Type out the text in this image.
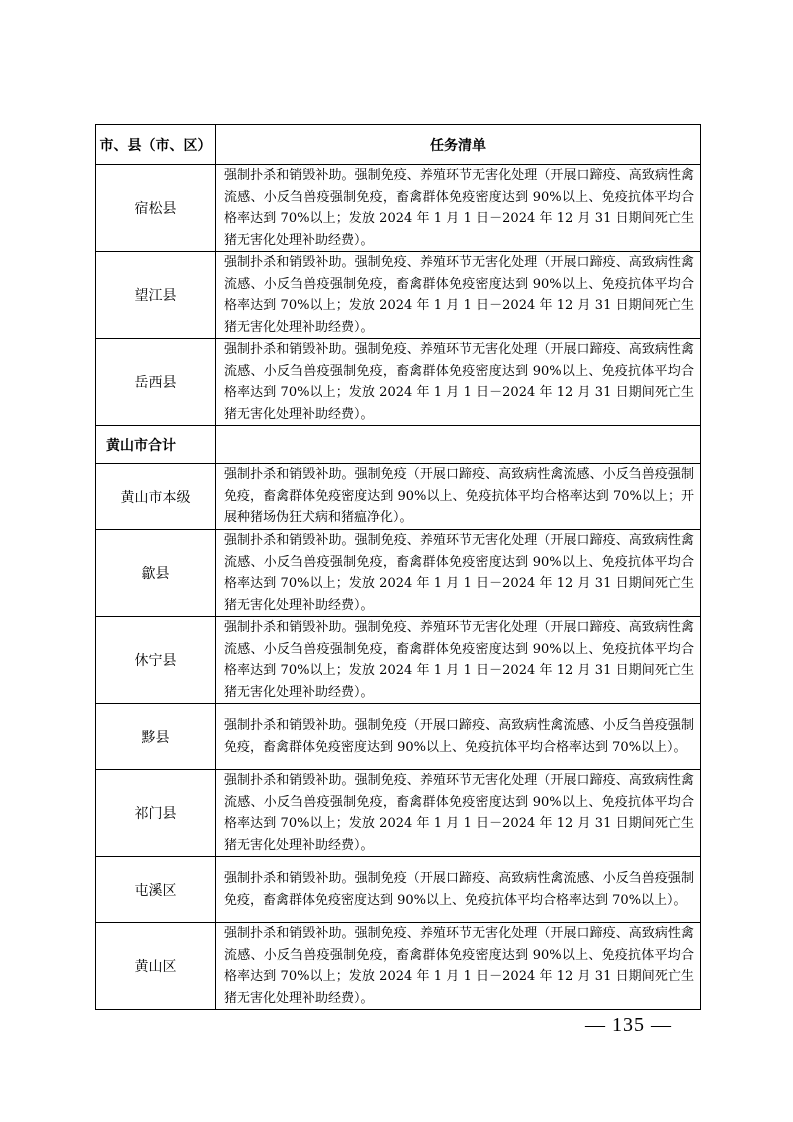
市、县（市、区）	任务清单
宿松县	强制扑杀和销毁补助。强制免疫、养殖环节无害化处理（开展口蹄疫、高致病性禽流感、小反刍兽疫强制免疫，畜禽群体免疫密度达到 90%以上、免疫抗体平均合格率达到 70%以上；发放 2024 年 1 月 1 日－2024 年 12 月 31 日期间死亡生猪无害化处理补助经费）。
望江县	强制扑杀和销毁补助。强制免疫、养殖环节无害化处理（开展口蹄疫、高致病性禽流感、小反刍兽疫强制免疫，畜禽群体免疫密度达到 90%以上、免疫抗体平均合格率达到 70%以上；发放 2024 年 1 月 1 日－2024 年 12 月 31 日期间死亡生猪无害化处理补助经费）。
岳西县	强制扑杀和销毁补助。强制免疫、养殖环节无害化处理（开展口蹄疫、高致病性禽流感、小反刍兽疫强制免疫，畜禽群体免疫密度达到 90%以上、免疫抗体平均合格率达到 70%以上；发放 2024 年 1 月 1 日－2024 年 12 月 31 日期间死亡生猪无害化处理补助经费）。
黄山市合计	
黄山市本级	强制扑杀和销毁补助。强制免疫（开展口蹄疫、高致病性禽流感、小反刍兽疫强制免疫，畜禽群体免疫密度达到 90%以上、免疫抗体平均合格率达到 70%以上；开展种猪场伪狂犬病和猪瘟净化）。
歙县	强制扑杀和销毁补助。强制免疫、养殖环节无害化处理（开展口蹄疫、高致病性禽流感、小反刍兽疫强制免疫，畜禽群体免疫密度达到 90%以上、免疫抗体平均合格率达到 70%以上；发放 2024 年 1 月 1 日－2024 年 12 月 31 日期间死亡生猪无害化处理补助经费）。
休宁县	强制扑杀和销毁补助。强制免疫、养殖环节无害化处理（开展口蹄疫、高致病性禽流感、小反刍兽疫强制免疫，畜禽群体免疫密度达到 90%以上、免疫抗体平均合格率达到 70%以上；发放 2024 年 1 月 1 日－2024 年 12 月 31 日期间死亡生猪无害化处理补助经费）。
黟县	强制扑杀和销毁补助。强制免疫（开展口蹄疫、高致病性禽流感、小反刍兽疫强制免疫，畜禽群体免疫密度达到 90%以上、免疫抗体平均合格率达到 70%以上）。
祁门县	强制扑杀和销毁补助。强制免疫、养殖环节无害化处理（开展口蹄疫、高致病性禽流感、小反刍兽疫强制免疫，畜禽群体免疫密度达到 90%以上、免疫抗体平均合格率达到 70%以上；发放 2024 年 1 月 1 日－2024 年 12 月 31 日期间死亡生猪无害化处理补助经费）。
屯溪区	强制扑杀和销毁补助。强制免疫（开展口蹄疫、高致病性禽流感、小反刍兽疫强制免疫，畜禽群体免疫密度达到 90%以上、免疫抗体平均合格率达到 70%以上）。
黄山区	强制扑杀和销毁补助。强制免疫、养殖环节无害化处理（开展口蹄疫、高致病性禽流感、小反刍兽疫强制免疫，畜禽群体免疫密度达到 90%以上、免疫抗体平均合格率达到 70%以上；发放 2024 年 1 月 1 日－2024 年 12 月 31 日期间死亡生猪无害化处理补助经费）。
— 135 —
